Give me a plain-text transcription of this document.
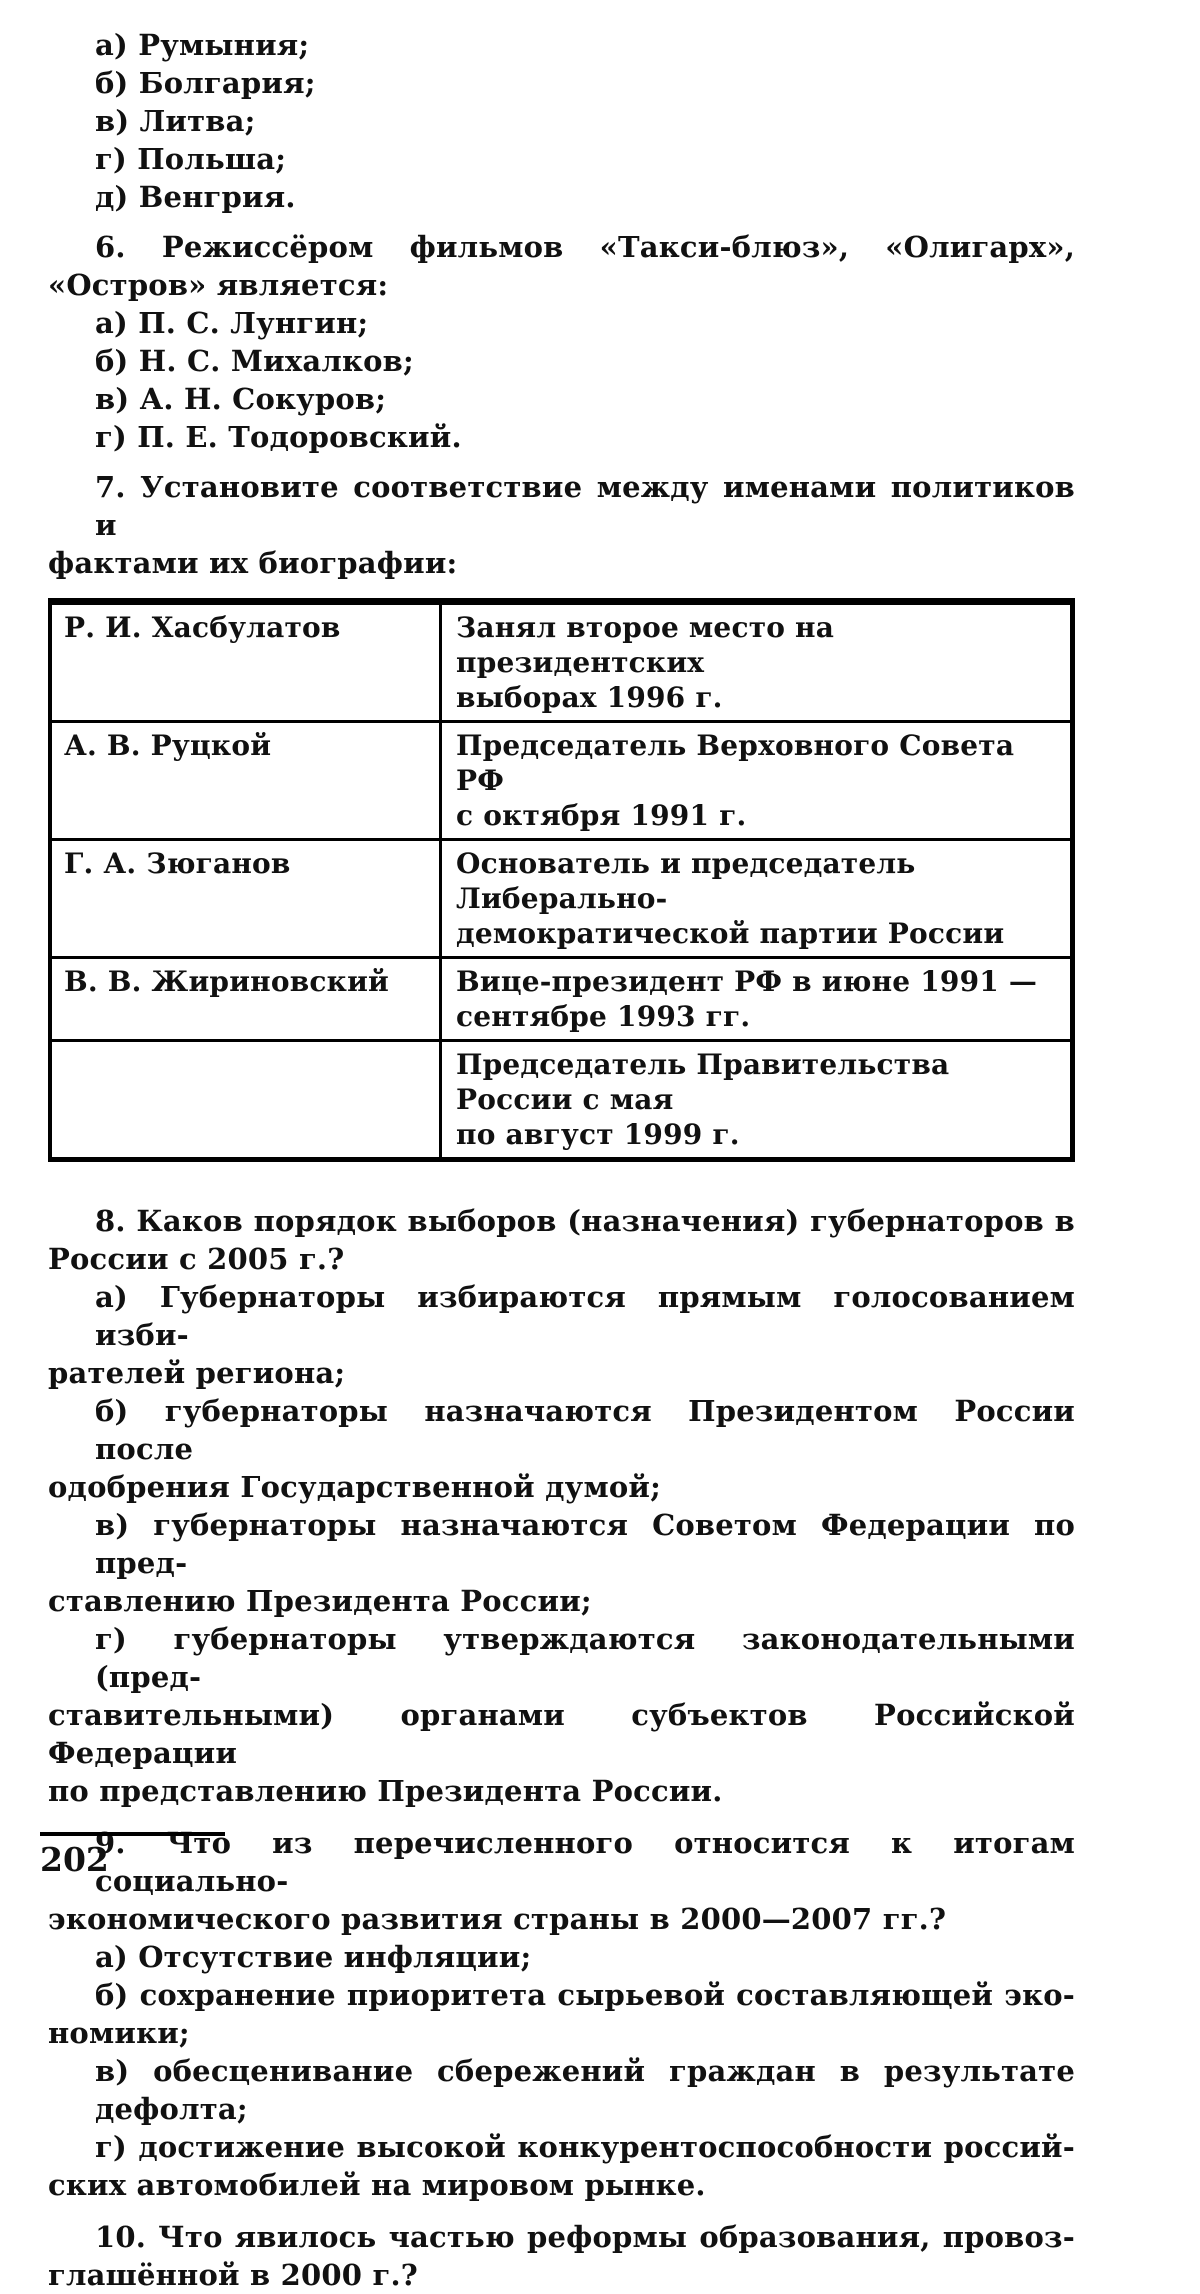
а) Румыния;
б) Болгария;
в) Литва;
г) Польша;
д) Венгрия.
6. Режиссёром фильмов «Такси-блюз», «Олигарх»,
«Остров» является:
а) П. С. Лунгин;
б) Н. С. Михалков;
в) А. Н. Сокуров;
г) П. Е. Тодоровский.
7. Установите соответствие между именами политиков и
фактами их биографии:
Р. И. Хасбулатов	Занял второе место на президентских
выборах 1996 г.

А. В. Руцкой	Председатель Верховного Совета РФ
с октября 1991 г.

Г. А. Зюганов	Основатель и председатель Либерально-
демократической партии России

В. В. Жириновский	Вице-президент РФ в июне 1991 —
сентябре 1993 гг.

	Председатель Правительства России с мая
по август 1999 г.
8. Каков порядок выборов (назначения) губернаторов в
России с 2005 г.?
а) Губернаторы избираются прямым голосованием изби-
рателей региона;
б) губернаторы назначаются Президентом России после
одобрения Государственной думой;
в) губернаторы назначаются Советом Федерации по пред-
ставлению Президента России;
г) губернаторы утверждаются законодательными (пред-
ставительными) органами субъектов Российской Федерации
по представлению Президента России.
9. Что из перечисленного относится к итогам социально-
экономического развития страны в 2000—2007 гг.?
а) Отсутствие инфляции;
б) сохранение приоритета сырьевой составляющей эко-
номики;
в) обесценивание сбережений граждан в результате дефолта;
г) достижение высокой конкурентоспособности россий-
ских автомобилей на мировом рынке.
10. Что явилось частью реформы образования, провоз-
глашённой в 2000 г.?
202
